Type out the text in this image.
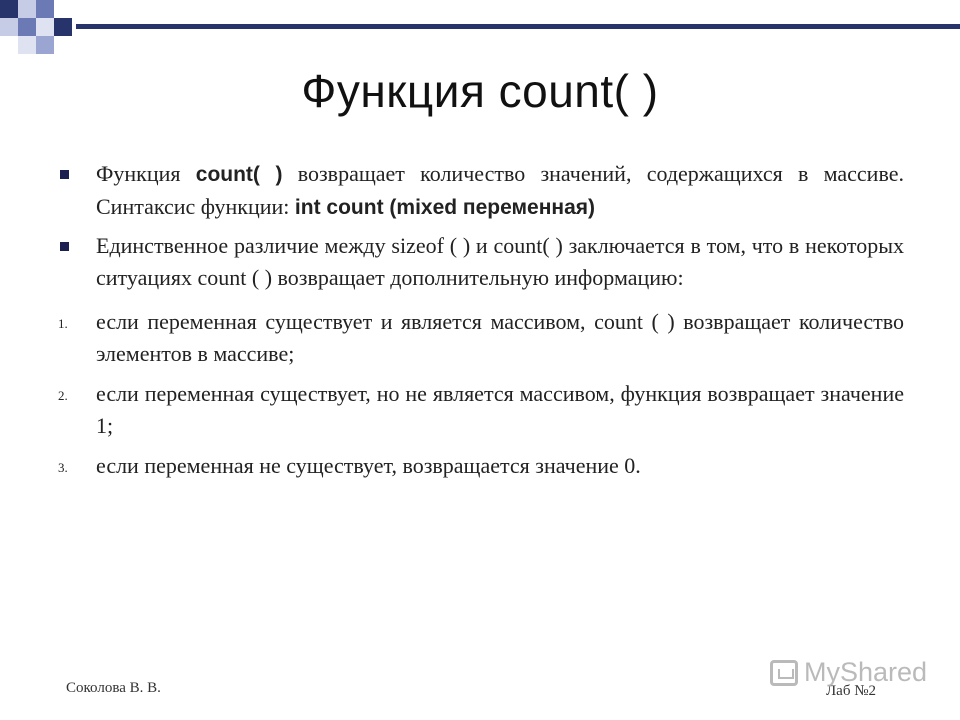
Функция count( )
Функция count( ) возвращает количество значений, содержащихся в массиве. Синтаксис функции: int count (mixed переменная)
Единственное различие между sizeof ( ) и count( ) заключается в том, что в некоторых ситуациях count ( ) возвращает дополнительную информацию:
1. если переменная существует и является массивом, count ( ) возвращает количество элементов в массиве;
2. если переменная существует, но не является массивом, функция возвращает значение 1;
3. если переменная не существует, возвращается значение 0.
Соколова В. В.	Лаб №2
MyShared
